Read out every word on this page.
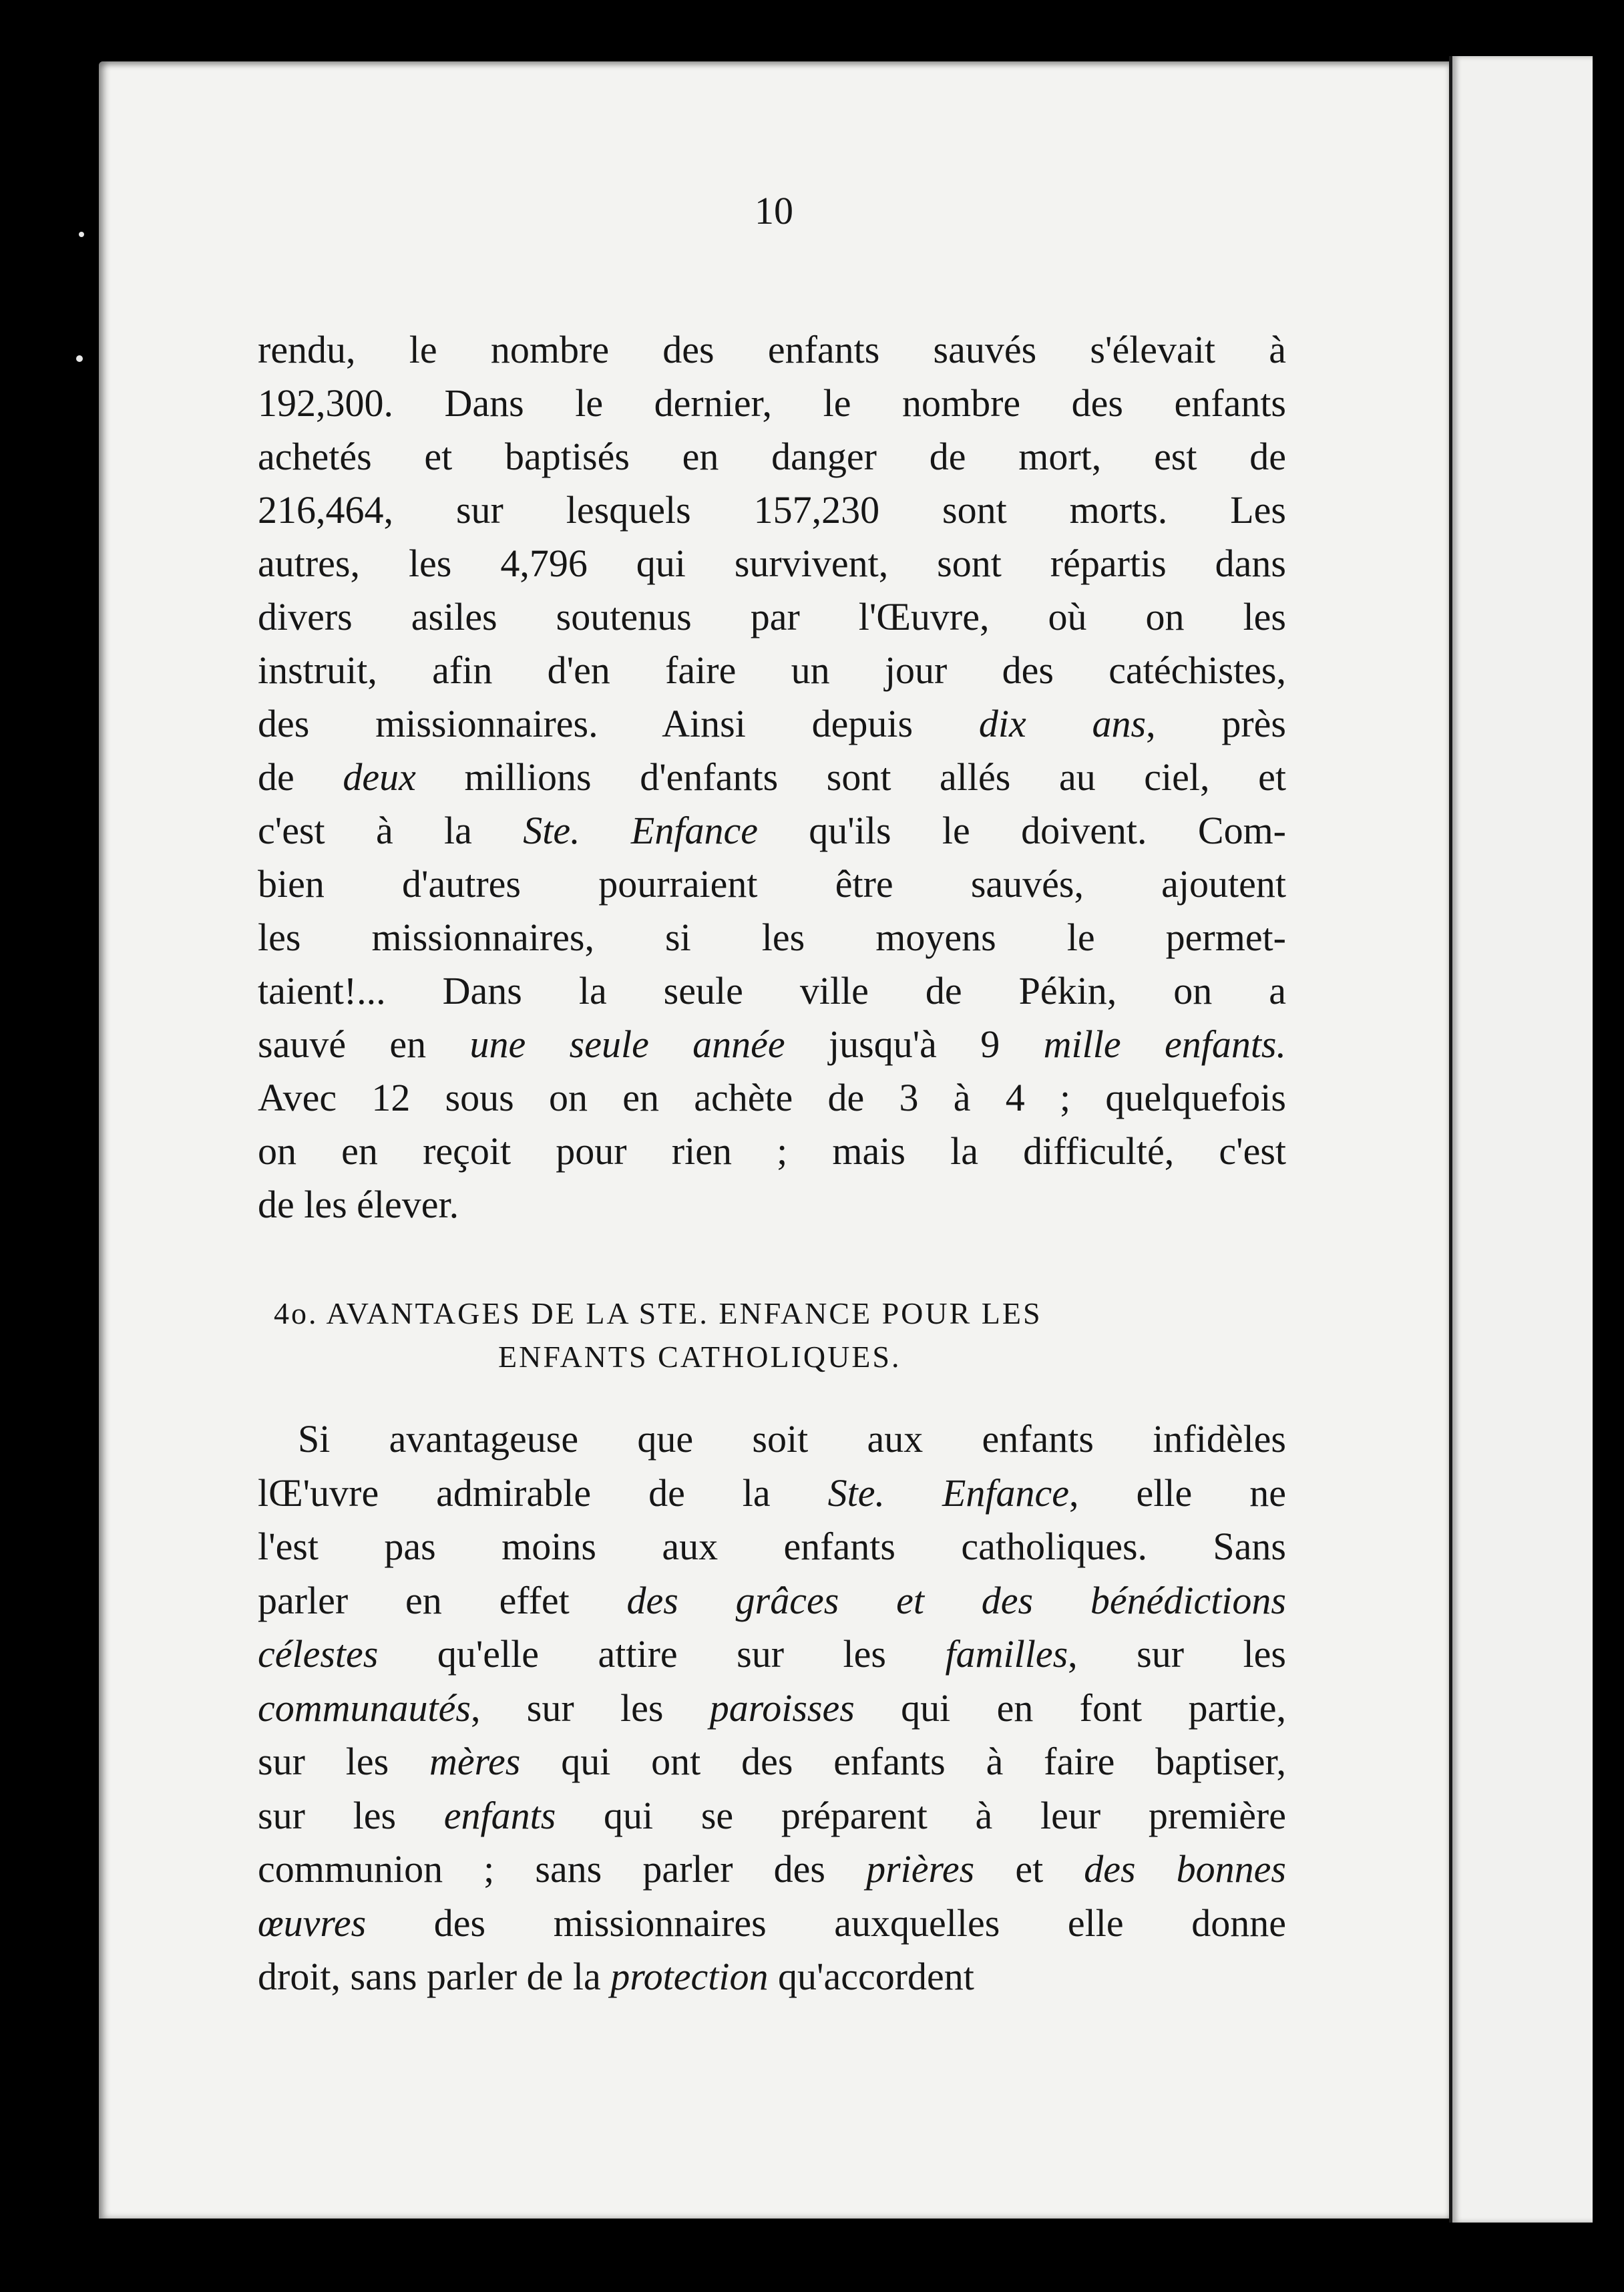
10
rendu, le nombre des enfants sauvés s'élevait à
192,300. Dans le dernier, le nombre des enfants
achetés et baptisés en danger de mort, est de
216,464, sur lesquels 157,230 sont morts. Les
autres, les 4,796 qui survivent, sont répartis dans
divers asiles soutenus par l'Œuvre, où on les
instruit, afin d'en faire un jour des catéchistes,
des missionnaires. Ainsi depuis dix ans, près
de deux millions d'enfants sont allés au ciel, et
c'est à la Ste. Enfance qu'ils le doivent. Com-
bien d'autres pourraient être sauvés, ajoutent
les missionnaires, si les moyens le permet-
taient!... Dans la seule ville de Pékin, on a
sauvé en une seule année jusqu'à 9 mille enfants.
Avec 12 sous on en achète de 3 à 4 ; quelquefois
on en reçoit pour rien ; mais la difficulté, c'est
de les élever.
4o. AVANTAGES DE LA STE. ENFANCE POUR LES
ENFANTS CATHOLIQUES.
Si avantageuse que soit aux enfants infidèles
lŒ'uvre admirable de la Ste. Enfance, elle ne
l'est pas moins aux enfants catholiques. Sans
parler en effet des grâces et des bénédictions
célestes qu'elle attire sur les familles, sur les
communautés, sur les paroisses qui en font partie,
sur les mères qui ont des enfants à faire baptiser,
sur les enfants qui se préparent à leur première
communion ; sans parler des prières et des bonnes
œuvres des missionnaires auxquelles elle donne
droit, sans parler de la protection qu'accordent
